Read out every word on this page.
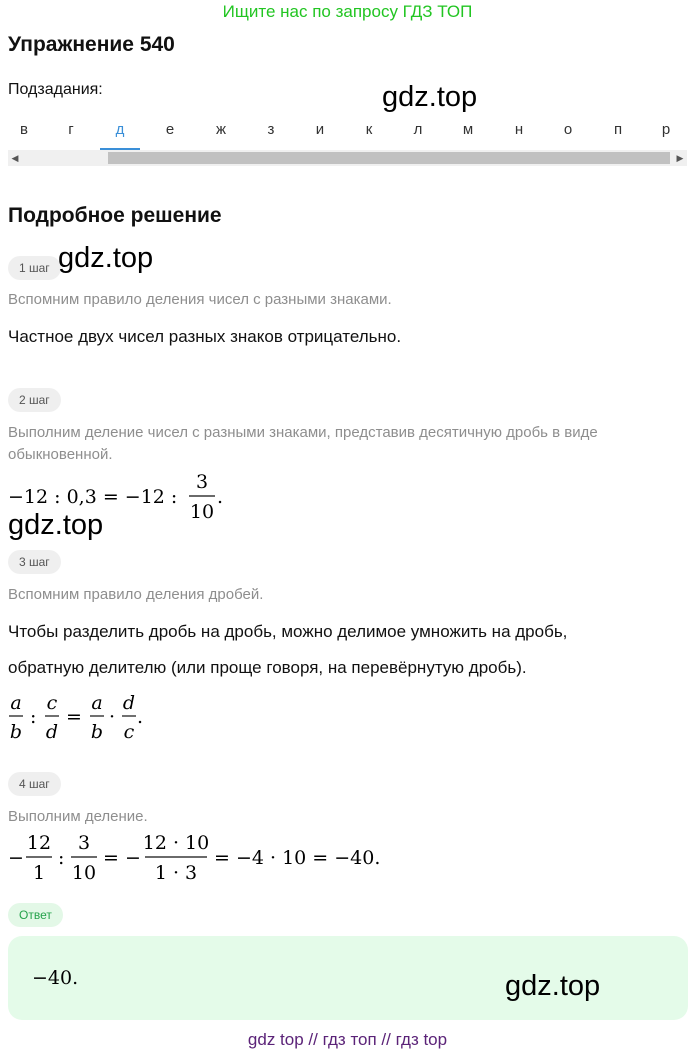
Ищите нас по запросу ГДЗ ТОП
Упражнение 540
Подзадания:	gdz.top
в	г	д	е	ж	з	и	к	л	м	н	о	п	р
◀	▶
Подробное решение
1 шаг gdz.top
Вспомним правило деления чисел с разными знаками.
Частное двух чисел разных знаков отрицательно.
2 шаг
Выполним деление чисел с разными знаками, представив десятичную дробь в виде
обыкновенной.
−12 : 0,3 = −12 :
3
10
.
gdz.top
3 шаг
Вспомним правило деления дробей.
Чтобы разделить дробь на дробь, можно делимое умножить на дробь,
обратную делителю (или проще говоря, на перевёрнутую дробь).
a
b
:
c
d
=
a
b
·
d
c
.
4 шаг
Выполним деление.
−
12
1
:
3
10
= −
12 · 10
1 · 3
= −4 · 10 = −40.
Ответ
−40.	gdz.top
gdz top // гдз топ // гдз top
